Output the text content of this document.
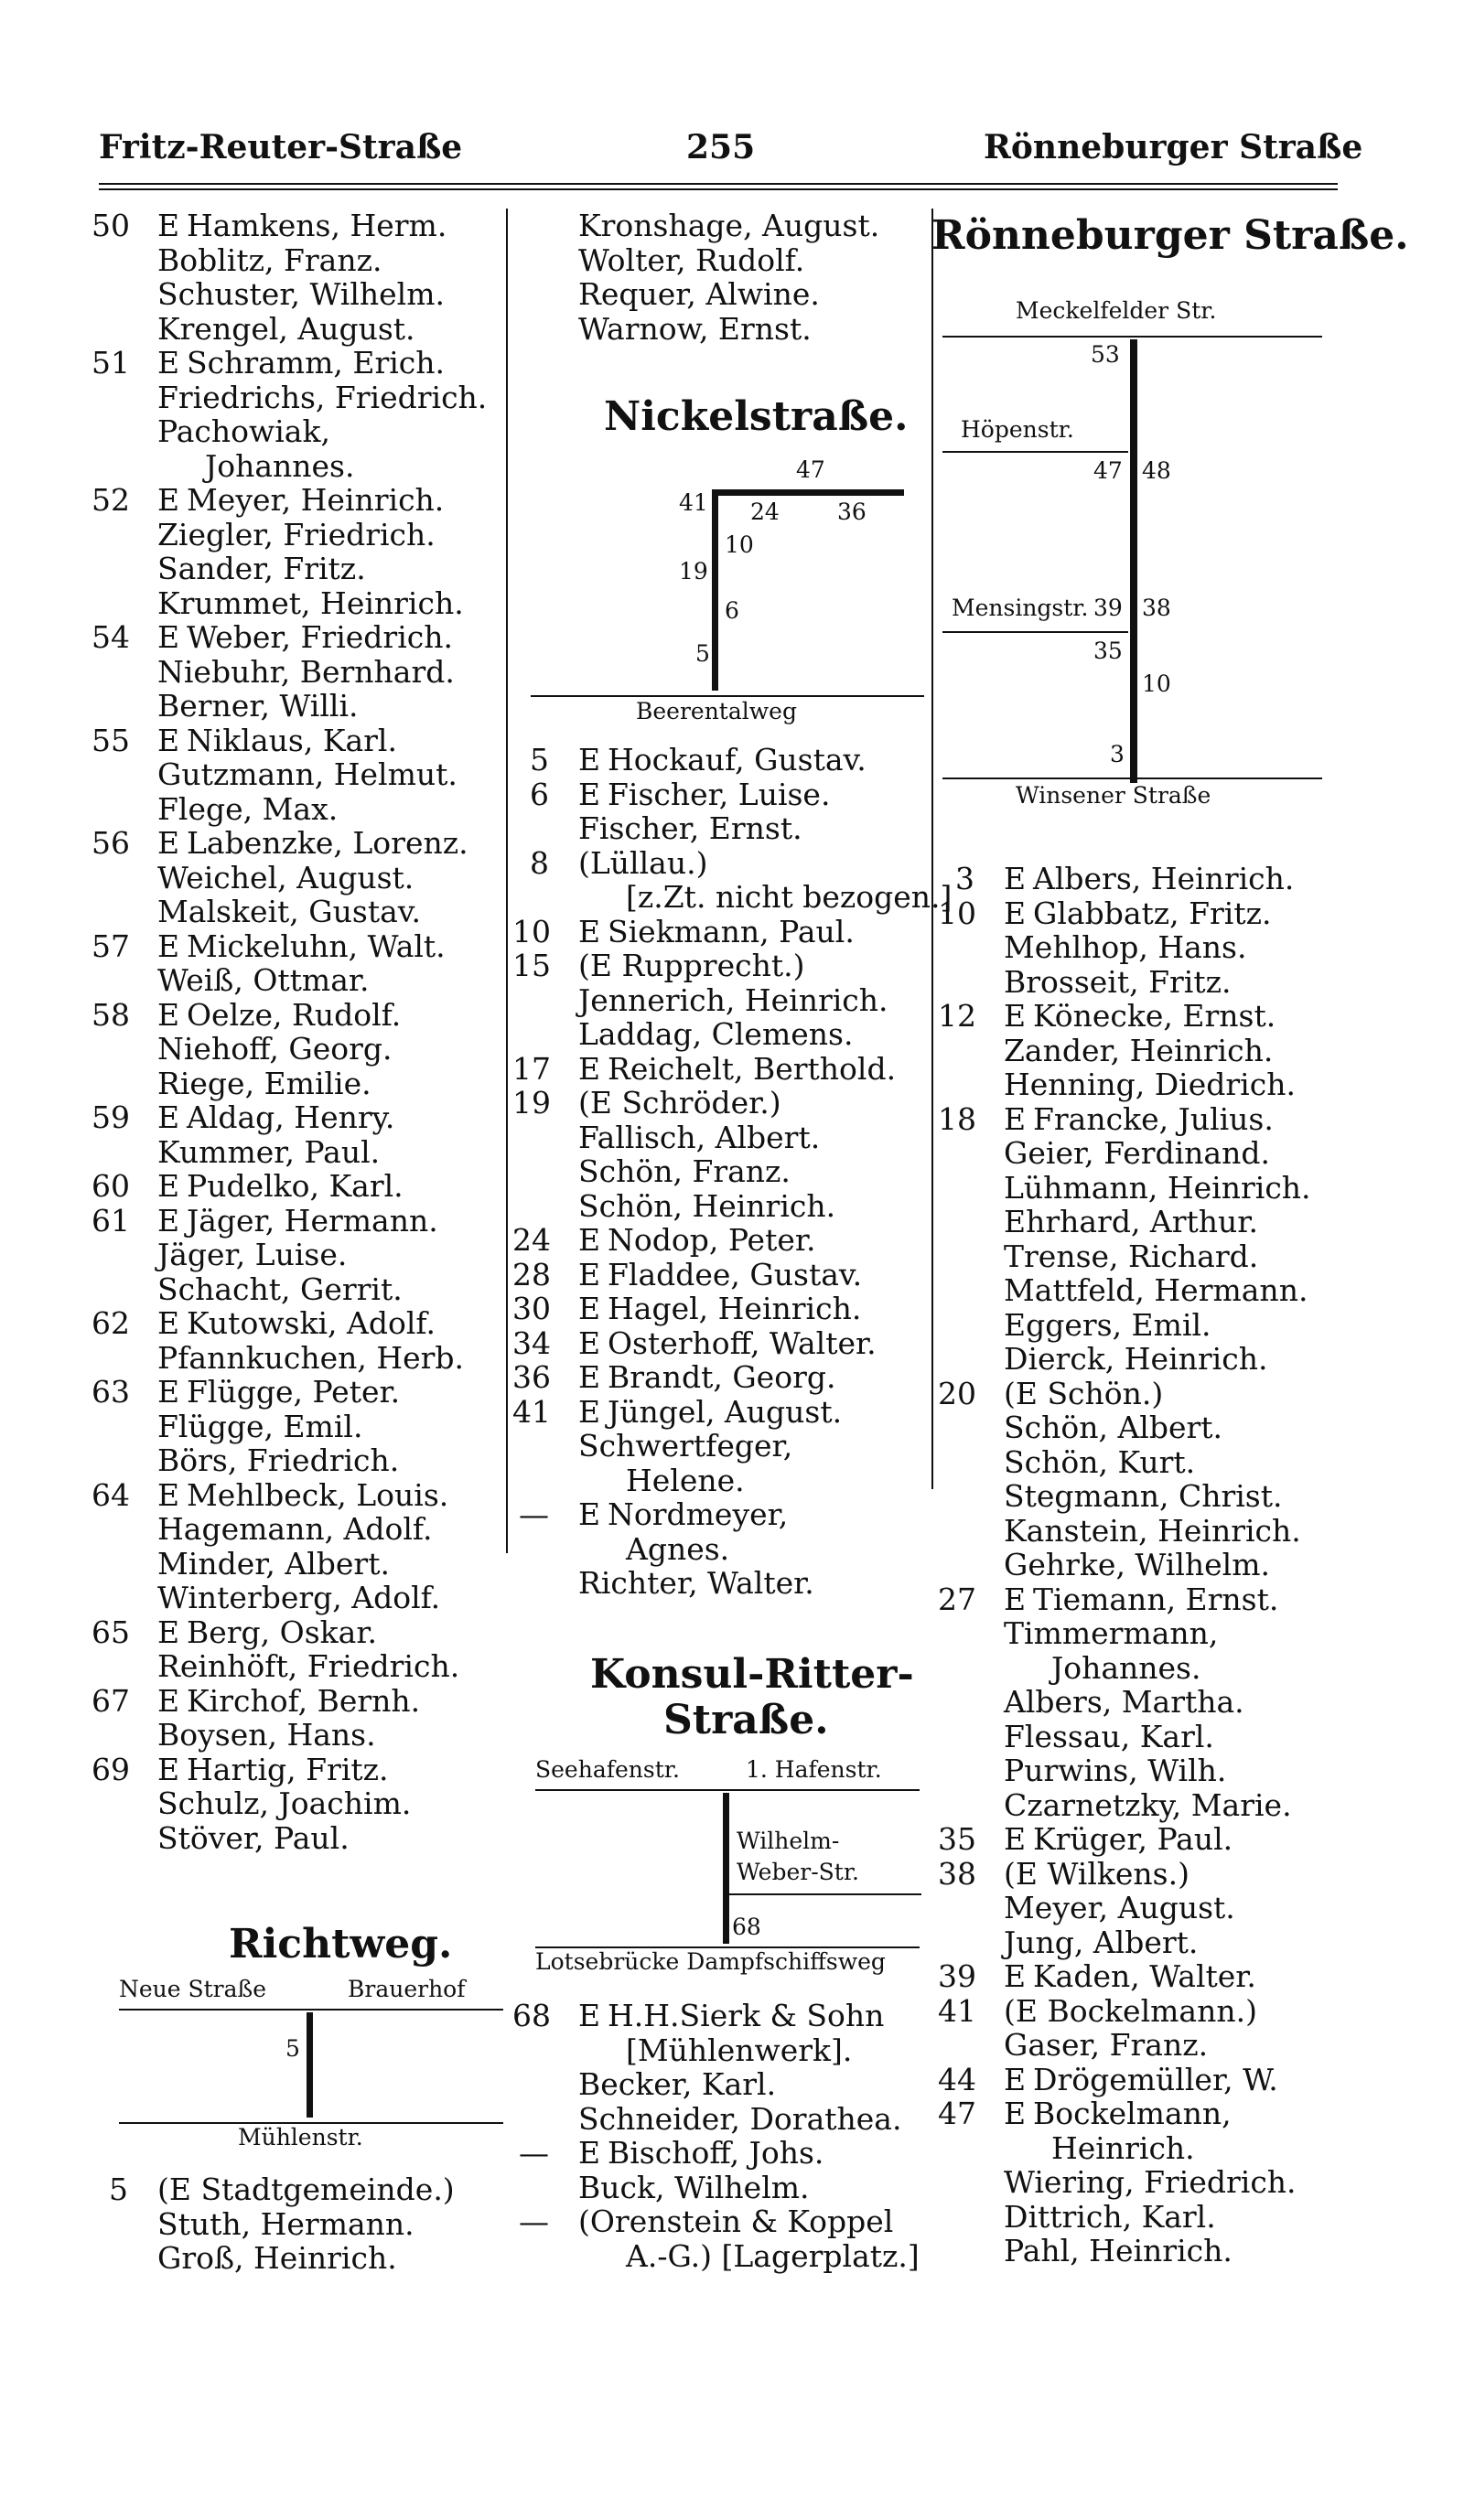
Fritz-Reuter-Straße	255	Rönneburger Straße
50 E Hamkens, Herm.
Boblitz, Franz.
Schuster, Wilhelm.
Krengel, August.
51 E Schramm, Erich.
Friedrichs, Friedrich.
Pachowiak,
Johannes.
52 E Meyer, Heinrich.
Ziegler, Friedrich.
Sander, Fritz.
Krummet, Heinrich.
54 E Weber, Friedrich.
Niebuhr, Bernhard.
Berner, Willi.
55 E Niklaus, Karl.
Gutzmann, Helmut.
Flege, Max.
56 E Labenzke, Lorenz.
Weichel, August.
Malskeit, Gustav.
57 E Mickeluhn, Walt.
Weiß, Ottmar.
58 E Oelze, Rudolf.
Niehoff, Georg.
Riege, Emilie.
59 E Aldag, Henry.
Kummer, Paul.
60 E Pudelko, Karl.
61 E Jäger, Hermann.
Jäger, Luise.
Schacht, Gerrit.
62 E Kutowski, Adolf.
Pfannkuchen, Herb.
63 E Flügge, Peter.
Flügge, Emil.
Börs, Friedrich.
64 E Mehlbeck, Louis.
Hagemann, Adolf.
Minder, Albert.
Winterberg, Adolf.
65 E Berg, Oskar.
Reinhöft, Friedrich.
67 E Kirchof, Bernh.
Boysen, Hans.
69 E Hartig, Fritz.
Schulz, Joachim.
Stöver, Paul.
Richtweg.
Neue Straße	Brauerhof
5
Mühlenstr.
5 (E Stadtgemeinde.)
Stuth, Hermann.
Groß, Heinrich.
Kronshage, August.
Wolter, Rudolf.
Requer, Alwine.
Warnow, Ernst.
Nickelstraße.
47
41 24	36
10
19
6
5
Beerentalweg
5 E Hockauf, Gustav.
6 E Fischer, Luise.
Fischer, Ernst.
8 (Lüllau.)
[z.Zt. nicht bezogen.]
10 E Siekmann, Paul.
15 (E Rupprecht.)
Jennerich, Heinrich.
Laddag, Clemens.
17 E Reichelt, Berthold.
19 (E Schröder.)
Fallisch, Albert.
Schön, Franz.
Schön, Heinrich.
24 E Nodop, Peter.
28 E Fladdee, Gustav.
30 E Hagel, Heinrich.
34 E Osterhoff, Walter.
36 E Brandt, Georg.
41 E Jüngel, August.
Schwertfeger,
Helene.
— E Nordmeyer,
Agnes.
Richter, Walter.
Konsul-Ritter-
Straße.
Seehafenstr.	1. Hafenstr.
Wilhelm-
Weber-Str.
68
Lotsebrücke Dampfschiffsweg
68 E H.H.Sierk & Sohn
[Mühlenwerk].
Becker, Karl.
Schneider, Dorathea.
— E Bischoff, Johs.
Buck, Wilhelm.
— (Orenstein & Koppel
A.-G.) [Lagerplatz.]
Rönneburger Straße.
Meckelfelder Str.
53
Höpenstr.
47 48
Mensingstr. 39 38
35
10
3
Winsener Straße
3 E Albers, Heinrich.
10 E Glabbatz, Fritz.
Mehlhop, Hans.
Brosseit, Fritz.
12 E Könecke, Ernst.
Zander, Heinrich.
Henning, Diedrich.
18 E Francke, Julius.
Geier, Ferdinand.
Lühmann, Heinrich.
Ehrhard, Arthur.
Trense, Richard.
Mattfeld, Hermann.
Eggers, Emil.
Dierck, Heinrich.
20 (E Schön.)
Schön, Albert.
Schön, Kurt.
Stegmann, Christ.
Kanstein, Heinrich.
Gehrke, Wilhelm.
27 E Tiemann, Ernst.
Timmermann,
Johannes.
Albers, Martha.
Flessau, Karl.
Purwins, Wilh.
Czarnetzky, Marie.
35 E Krüger, Paul.
38 (E Wilkens.)
Meyer, August.
Jung, Albert.
39 E Kaden, Walter.
41 (E Bockelmann.)
Gaser, Franz.
44 E Drögemüller, W.
47 E Bockelmann,
Heinrich.
Wiering, Friedrich.
Dittrich, Karl.
Pahl, Heinrich.
